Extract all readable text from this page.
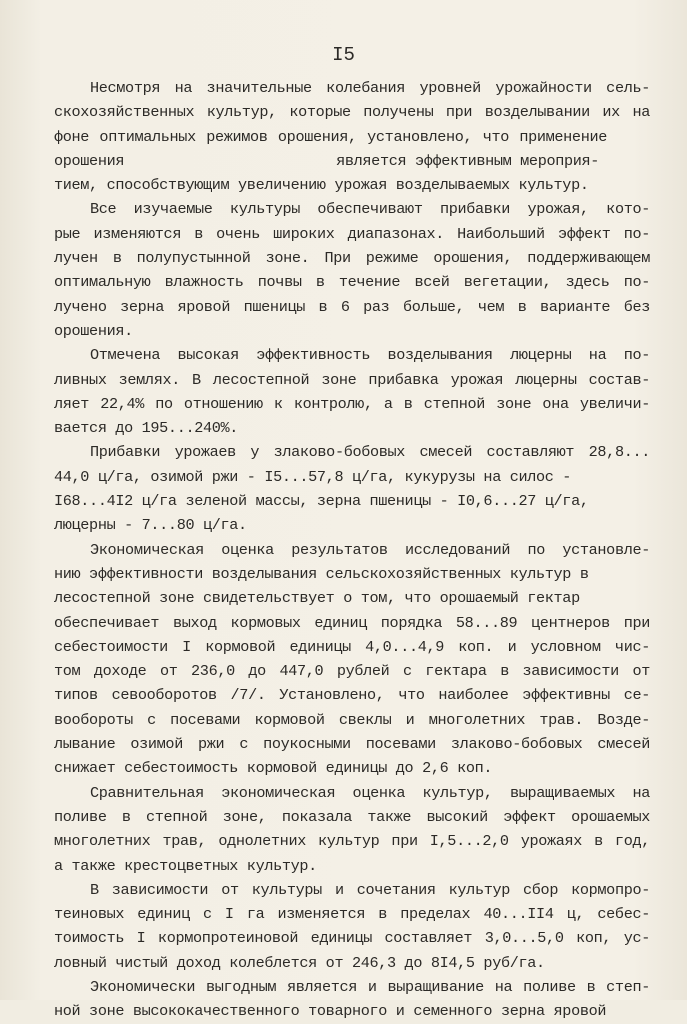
I5
Несмотря на значительные колебания уровней урожайности сель-
скохозяйственных культур, которые получены при возделывании их на
фоне оптимальных режимов орошения, установлено, что применение
орошения	является эффективным мероприя-
тием, способствующим увеличению урожая возделываемых культур.
Все изучаемые культуры обеспечивают прибавки урожая, кото-
рые изменяются в очень широких диапазонах. Наибольший эффект по-
лучен в полупустынной зоне. При режиме орошения, поддерживающем
оптимальную влажность почвы в течение всей вегетации, здесь по-
лучено зерна яровой пшеницы в 6 раз больше, чем в варианте без
орошения.
Отмечена высокая эффективность возделывания люцерны на по-
ливных землях. В лесостепной зоне прибавка урожая люцерны состав-
ляет 22,4% по отношению к контролю, а в степной зоне она увеличи-
вается до 195...240%.
Прибавки урожаев у злаково-бобовых смесей составляют 28,8...
44,0 ц/га, озимой ржи - I5...57,8 ц/га, кукурузы на силос -
I68...4I2 ц/га зеленой массы, зерна пшеницы - I0,6...27 ц/га,
люцерны - 7...80 ц/га.
Экономическая оценка результатов исследований по установле-
нию эффективности возделывания сельскохозяйственных культур в
лесостепной зоне свидетельствует о том, что орошаемый гектар
обеспечивает выход кормовых единиц порядка 58...89 центнеров при
себестоимости I кормовой единицы 4,0...4,9 коп. и условном чис-
том доходе от 236,0 до 447,0 рублей с гектара в зависимости от
типов севооборотов /7/. Установлено, что наиболее эффективны се-
вообороты с посевами кормовой свеклы и многолетних трав. Возде-
лывание озимой ржи с поукосными посевами злаково-бобовых смесей
снижает себестоимость кормовой единицы до 2,6 коп.
Сравнительная экономическая оценка культур, выращиваемых на
поливе в степной зоне, показала также высокий эффект орошаемых
многолетних трав, однолетних культур при I,5...2,0 урожаях в год,
а также крестоцветных культур.
В зависимости от культуры и сочетания культур сбор кормопро-
теиновых единиц с I га изменяется в пределах 40...II4 ц, себес-
тоимость I кормопротеиновой единицы составляет 3,0...5,0 коп, ус-
ловный чистый доход колеблется от 246,3 до 8I4,5 руб/га.
Экономически выгодным является и выращивание на поливе в степ-
ной зоне высококачественного товарного и семенного зерна яровой
